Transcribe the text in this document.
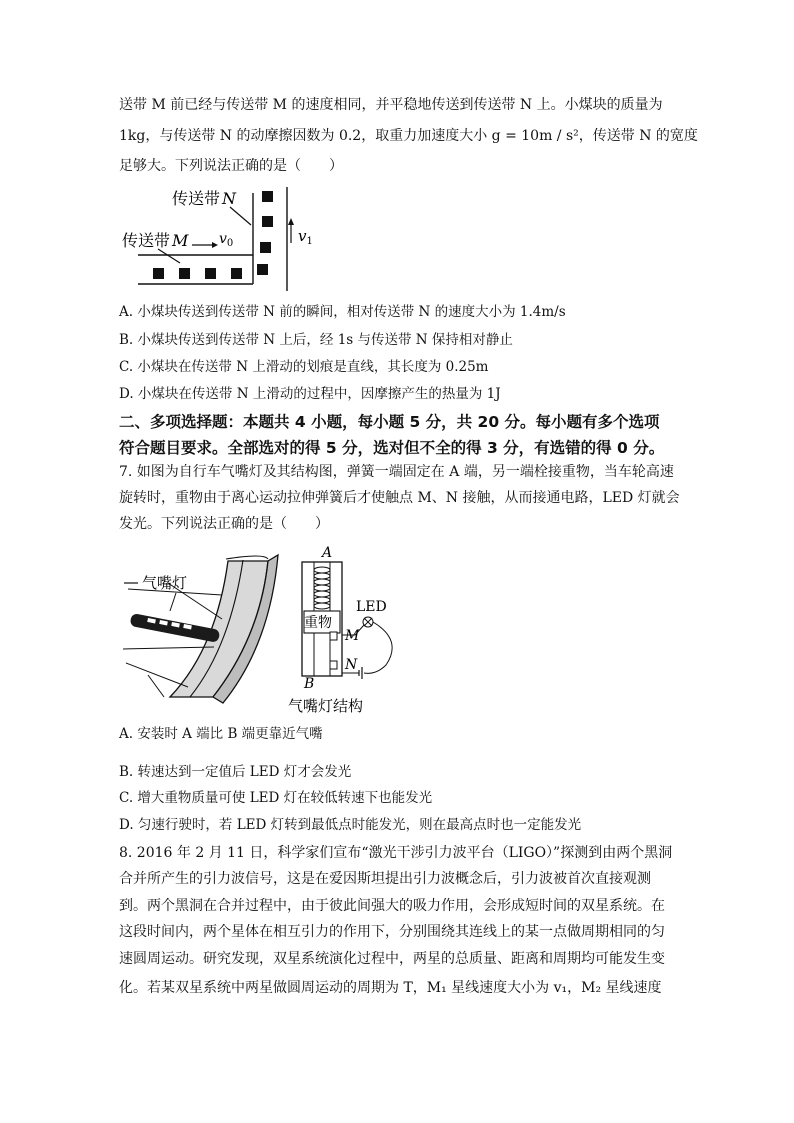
送带 M 前已经与传送带 M 的速度相同，并平稳地传送到传送带 N 上。小煤块的质量为
1kg，与传送带 N 的动摩擦因数为 0.2，取重力加速度大小 g = 10m / s²，传送带 N 的宽度
足够大。下列说法正确的是（　　）
传送带 N
传送带 M $v_0$	$v_1$
A. 小煤块传送到传送带 N 前的瞬间，相对传送带 N 的速度大小为 1.4m/s
B. 小煤块传送到传送带 N 上后，经 1s 与传送带 N 保持相对静止
C. 小煤块在传送带 N 上滑动的划痕是直线，其长度为 0.25m
D. 小煤块在传送带 N 上滑动的过程中，因摩擦产生的热量为 1J
二、多项选择题：本题共 4 小题，每小题 5 分，共 20 分。每小题有多个选项
符合题目要求。全部选对的得 5 分，选对但不全的得 3 分，有选错的得 0 分。
7. 如图为自行车气嘴灯及其结构图，弹簧一端固定在 A 端，另一端栓接重物，当车轮高速
旋转时，重物由于离心运动拉伸弹簧后才使触点 M、N 接触，从而接通电路，LED 灯就会
发光。下列说法正确的是（　　）
气嘴灯
A
重物
M
N
B
LED
气嘴灯结构
A. 安装时 A 端比 B 端更靠近气嘴
B. 转速达到一定值后 LED 灯才会发光
C. 增大重物质量可使 LED 灯在较低转速下也能发光
D. 匀速行驶时，若 LED 灯转到最低点时能发光，则在最高点时也一定能发光
8. 2016 年 2 月 11 日，科学家们宣布“激光干涉引力波平台（LIGO）”探测到由两个黑洞
合并所产生的引力波信号，这是在爱因斯坦提出引力波概念后，引力波被首次直接观测
到。两个黑洞在合并过程中，由于彼此间强大的吸力作用，会形成短时间的双星系统。在
这段时间内，两个星体在相互引力的作用下，分别围绕其连线上的某一点做周期相同的匀
速圆周运动。研究发现，双星系统演化过程中，两星的总质量、距离和周期均可能发生变
化。若某双星系统中两星做圆周运动的周期为 T，M₁ 星线速度大小为 v₁，M₂ 星线速度
